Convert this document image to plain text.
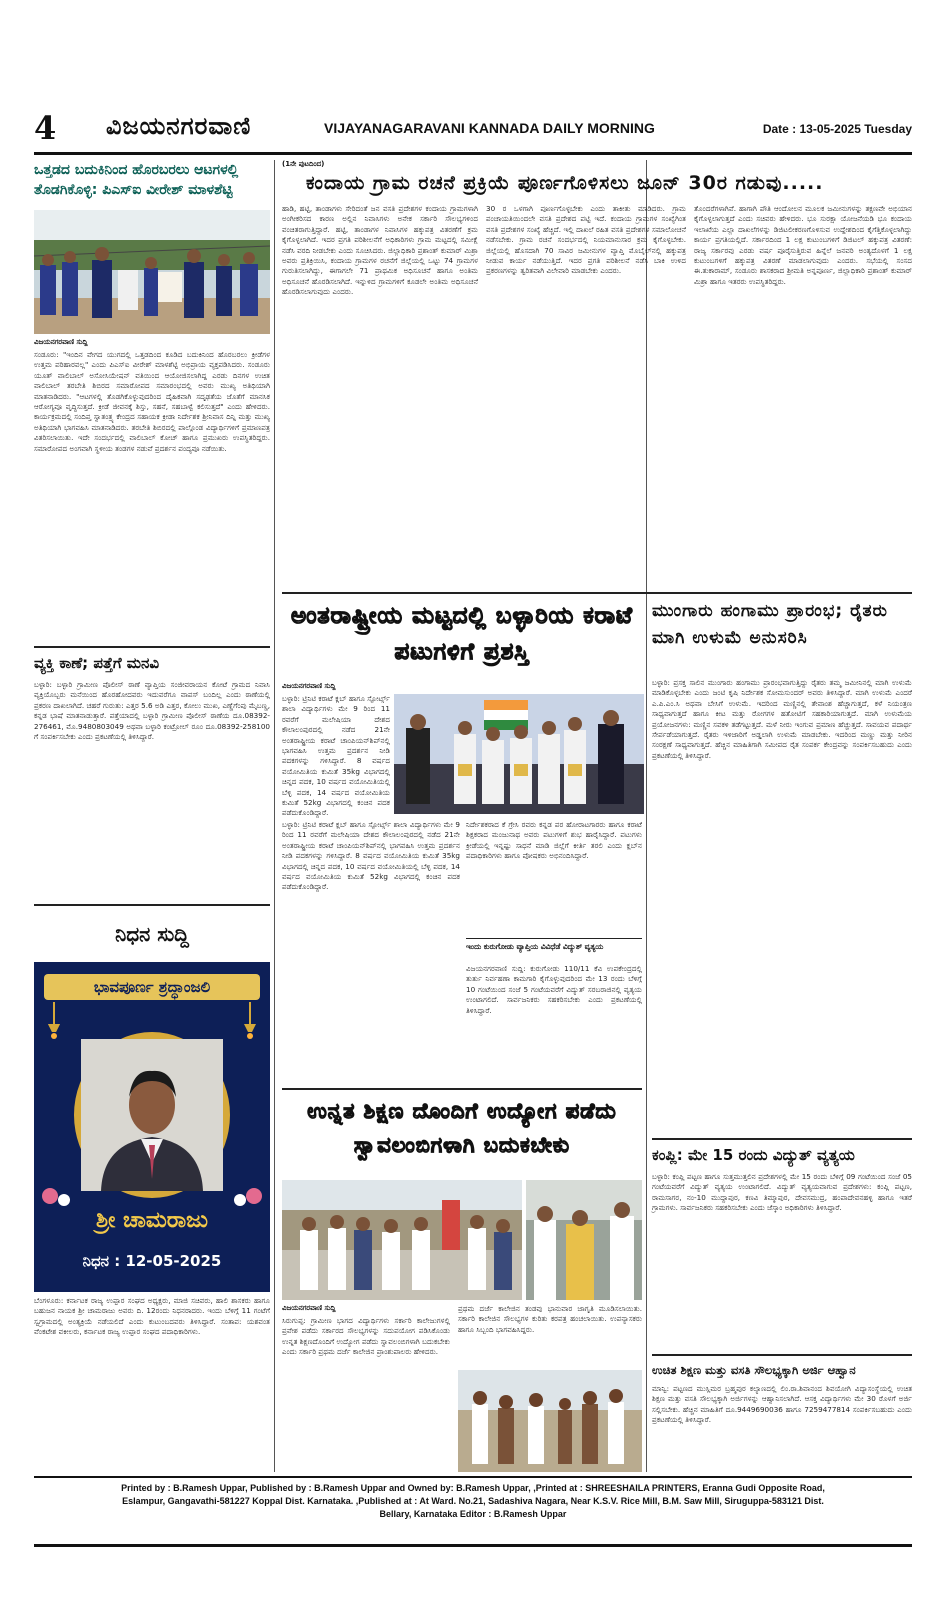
4	ವಿಜಯನಗರವಾಣಿ	VIJAYANAGARAVANI KANNADA DAILY MORNING	Date : 13-05-2025 Tuesday
ಒತ್ತಡದ ಬದುಕಿನಿಂದ ಹೊರಬರಲು ಆಟಗಳಲ್ಲಿ ತೊಡಗಿಕೊಳ್ಳಿ: ಪಿಎಸ್‌ಐ ವೀರೇಶ್ ಮಾಳಶೆಟ್ಟಿ
ವಿಜಯನಗರವಾಣಿ ಸುದ್ದಿ
ಸಂಡೂರು: "ಇಂದಿನ ವೇಗದ ಯುಗದಲ್ಲಿ ಒತ್ತಡದಿಂದ ಕೂಡಿದ ಬದುಕಿನಿಂದ ಹೊರಬರಲು ಕ್ರೀಡೆಗಳ ಉತ್ತಮ ಪರಿಹಾರವಲ್ಲ" ಎಂದು ಪಿಎಸ್‌ಐ ವೀರೇಶ್ ಮಾಳಶೆಟ್ಟಿ ಅಭಿಪ್ರಾಯ ವ್ಯಕ್ತಪಡಿಸಿದರು. ಸಂಡೂರು ಯೂತ್ ವಾಲಿಬಾಲ್ ಅಸೋಸಿಯೇಷನ್ ವತಿಯಿಂದ ಆಯೋಜಿಸಲಾಗಿದ್ದ ಎರಡು ದಿನಗಳ ಉಚಿತ ವಾಲಿಬಾಲ್ ತರಬೇತಿ ಶಿಬಿರದ ಸಮಾರೋಪದ ಸಮಾರಂಭದಲ್ಲಿ ಅವರು ಮುಖ್ಯ ಅತಿಥಿಯಾಗಿ ಮಾತನಾಡಿದರು. "ಆಟಗಳಲ್ಲಿ ತೊಡಗಿಕೊಳ್ಳುವುದರಿಂದ ದೈಹಿಕವಾಗಿ ಸದೃಢತೆಯ ಜೊತೆಗೆ ಮಾನಸಿಕ ಆರೋಗ್ಯವೂ ವೃದ್ಧಿಸುತ್ತದೆ. ಕ್ರೀಡೆ ಜೀವನಕ್ಕೆ ಶಿಸ್ತು, ಸಹನೆ, ಸಹಬಾಳ್ವೆ ಕಲಿಸುತ್ತದೆ" ಎಂದು ಹೇಳಿದರು. ಕಾರ್ಯಕ್ರಮದಲ್ಲಿ ಸಂದಿಪ್ತ ಸ್ವಾತಂತ್ರ್ಯ ಕೇಂದ್ರದ ಸಹಾಯಕ ಕ್ರೀಡಾ ನಿರ್ದೇಶಕ ಶ್ರೀನಿವಾಸ ದಿನ್ನಿ ಮತ್ತು ಮುಖ್ಯ ಅತಿಥಿಯಾಗಿ ಭಾಗವಹಿಸಿ ಮಾತನಾಡಿದರು. ತರಬೇತಿ ಶಿಬಿರದಲ್ಲಿ ಪಾಲ್ಗೊಂಡ ವಿದ್ಯಾರ್ಥಿಗಳಿಗೆ ಪ್ರಮಾಣಪತ್ರ ವಿತರಿಸಲಾಯಿತು. ಇದೇ ಸಂದರ್ಭದಲ್ಲಿ ವಾಲಿಬಾಲ್ ಕೋಚ್ ಹಾಗೂ ಪ್ರಮುಖರು ಉಪಸ್ಥಿತರಿದ್ದರು. ಸಮಾರೋಪದ ಅಂಗವಾಗಿ ಸ್ಥಳೀಯ ತಂಡಗಳ ನಡುವೆ ಪ್ರದರ್ಶನ ಪಂದ್ಯವೂ ನಡೆಯಿತು.
ವ್ಯಕ್ತಿ ಕಾಣೆ; ಪತ್ತೆಗೆ ಮನವಿ
ಬಳ್ಳಾರಿ: ಬಳ್ಳಾರಿ ಗ್ರಾಮೀಣ ಪೊಲೀಸ್ ಠಾಣೆ ವ್ಯಾಪ್ತಿಯ ಸಂಜೀವರಾಯನ ಕೋಟೆ ಗ್ರಾಮದ ನಿವಾಸಿ ವ್ಯಕ್ತಿಯೊಬ್ಬರು ಮನೆಯಿಂದ ಹೊರಹೋದವರು ಇದುವರೆಗೂ ವಾಪಸ್ ಬಂದಿಲ್ಲ ಎಂದು ಠಾಣೆಯಲ್ಲಿ ಪ್ರಕರಣ ದಾಖಲಾಗಿದೆ. ಚಹರೆ ಗುರುತು: ಎತ್ತರ 5.6 ಅಡಿ ಎತ್ತರ, ಕೋಲು ಮುಖ, ಎಣ್ಣೆಗೆಂಪು ಮೈಬಣ್ಣ, ಕನ್ನಡ ಭಾಷೆ ಮಾತನಾಡುತ್ತಾರೆ. ಪತ್ತೆಯಾದಲ್ಲಿ ಬಳ್ಳಾರಿ ಗ್ರಾಮೀಣ ಪೊಲೀಸ್ ಠಾಣೆಯ ದೂ.08392-276461, ಮೊ.9480803049 ಅಥವಾ ಬಳ್ಳಾರಿ ಕಂಟ್ರೋಲ್ ರೂಂ ದೂ.08392-258100 ಗೆ ಸಂಪರ್ಕಿಸಬೇಕು ಎಂದು ಪ್ರಕಟಣೆಯಲ್ಲಿ ತಿಳಿಸಿದ್ದಾರೆ.
ನಿಧನ ಸುದ್ದಿ
ಭಾವಪೂರ್ಣ ಶ್ರದ್ಧಾಂಜಲಿ
ಶ್ರೀ ಚಾಮರಾಜು
ನಿಧನ : 12-05-2025
ಬೆಂಗಳೂರು: ಕರ್ನಾಟಕ ರಾಜ್ಯ ಉಪ್ಪಾರ ಸಂಘದ ಅಧ್ಯಕ್ಷರು, ಮಾಜಿ ಸಚಿವರು, ಹಾಲಿ ಶಾಸಕರು ಹಾಗೂ ಬಹುಜನ ನಾಯಕ ಶ್ರೀ ಚಾಮರಾಜು ಅವರು ದಿ. 12ರಂದು ನಿಧನರಾದರು. ಇಂದು ಬೆಳಿಗ್ಗೆ 11 ಗಂಟೆಗೆ ಸ್ವಗ್ರಾಮದಲ್ಲಿ ಅಂತ್ಯಕ್ರಿಯೆ ನಡೆಯಲಿದೆ ಎಂದು ಕುಟುಂಬದವರು ತಿಳಿಸಿದ್ದಾರೆ. ಸಂತಾಪ: ಯಶವಂತ ವೆಂಕಟೇಶ ವಕೀಲರು, ಕರ್ನಾಟಕ ರಾಜ್ಯ ಉಪ್ಪಾರ ಸಂಘದ ಪದಾಧಿಕಾರಿಗಳು.
(1ನೇ ಪುಟದಿಂದ)
ಕಂದಾಯ ಗ್ರಾಮ ರಚನೆ ಪ್ರಕ್ರಿಯೆ ಪೂರ್ಣಗೊಳಿಸಲು ಜೂನ್ 30ರ ಗಡುವು.....
ಹಾಡಿ, ಹಟ್ಟಿ, ತಾಂಡಾಗಳು ಸೇರಿದಂತೆ ಜನ ವಸತಿ ಪ್ರದೇಶಗಳ ಕಂದಾಯ ಗ್ರಾಮಗಳಾಗಿ ಅಂಗೀಕರಿಸದ ಕಾರಣ ಅಲ್ಲಿನ ನಿವಾಸಿಗಳು ಅನೇಕ ಸರ್ಕಾರಿ ಸೌಲಭ್ಯಗಳಿಂದ ವಂಚಿತರಾಗುತ್ತಿದ್ದಾರೆ. ಹಟ್ಟಿ, ತಾಂಡಾಗಳ ನಿವಾಸಿಗಳ ಹಕ್ಕುಪತ್ರ ವಿತರಣೆಗೆ ಕ್ರಮ ಕೈಗೊಳ್ಳಲಾಗಿದೆ. ಇದರ ಪ್ರಗತಿ ಪರಿಶೀಲನೆಗೆ ಅಧಿಕಾರಿಗಳು ಗ್ರಾಮ ಮಟ್ಟದಲ್ಲಿ ಸಮೀಕ್ಷೆ ನಡೆಸಿ ವರದಿ ನೀಡಬೇಕು ಎಂದು ಸೂಚಿಸಿದರು. ಜಿಲ್ಲಾಧಿಕಾರಿ ಪ್ರಶಾಂತ್ ಕುಮಾರ್ ಮಿಶ್ರಾ ಅವರು ಪ್ರತಿಕ್ರಿಯಿಸಿ, ಕಂದಾಯ ಗ್ರಾಮಗಳ ರಚನೆಗೆ ಜಿಲ್ಲೆಯಲ್ಲಿ ಒಟ್ಟು 74 ಗ್ರಾಮಗಳ ಗುರುತಿಸಲಾಗಿದ್ದು, ಈಗಾಗಲೇ 71 ಪ್ರಾಥಮಿಕ ಅಧಿಸೂಚನೆ ಹಾಗೂ ಅಂತಿಮ ಅಧಿಸೂಚನೆ ಹೊರಡಿಸಲಾಗಿದೆ. ಇನ್ನುಳಿದ ಗ್ರಾಮಗಳಿಗೆ ಕೂಡಲೇ ಅಂತಿಮ ಅಧಿಸೂಚನೆ ಹೊರಡಿಸಲಾಗುವುದು ಎಂದರು.
30 ರ ಒಳಗಾಗಿ ಪೂರ್ಣಗೊಳ್ಳಬೇಕು ಎಂದು ತಾಕೀತು ಮಾಡಿದರು. ಗ್ರಾಮ ಪಂಚಾಯತಿಯಿಂದಲೇ ವಸತಿ ಪ್ರದೇಶದ ಪಟ್ಟಿ ಇದೆ. ಕಂದಾಯ ಗ್ರಾಮಗಳ ಸಂಖ್ಯೆಗಿಂತ ವಸತಿ ಪ್ರದೇಶಗಳ ಸಂಖ್ಯೆ ಹೆಚ್ಚಿದೆ. ಇಲ್ಲಿ ದಾಖಲೆ ರಹಿತ ವಸತಿ ಪ್ರದೇಶಗಳ ಸಮಾಲೋಚನೆ ನಡೆಸಬೇಕು. ಗ್ರಾಮ ರಚನೆ ಸಂದರ್ಭದಲ್ಲಿ ನಿಯಮಾನುಸಾರ ಕ್ರಮ ಕೈಗೊಳ್ಳಬೇಕು. ಜಿಲ್ಲೆಯಲ್ಲಿ ಹೊಸದಾಗಿ 70 ಸಾವಿರ ಜಮೀನುಗಳ ವ್ಯಾಪ್ತಿ ಮೊಬೈಲ್‌ನಲ್ಲಿ ಹಕ್ಕುಪತ್ರ ನೀಡುವ ಕಾರ್ಯ ನಡೆಯುತ್ತಿದೆ. ಇದರ ಪ್ರಗತಿ ಪರಿಶೀಲನೆ ನಡೆಸಿ ಬಾಕಿ ಉಳಿದ ಪ್ರಕರಣಗಳನ್ನು ತ್ವರಿತವಾಗಿ ವಿಲೇವಾರಿ ಮಾಡಬೇಕು ಎಂದರು.
ತೊಂದರೆಗಳಾಗಿವೆ. ಹಾಗಾಗಿ ಪೌತಿ ಆಂದೋಲನ ಮೂಲಕ ಜಮೀನುಗಳನ್ನು ತಕ್ಷಣವೇ ಅಭಿಯಾನ ಕೈಗೊಳ್ಳಲಾಗುತ್ತದೆ ಎಂದು ಸಚಿವರು ಹೇಳಿದರು. ಭೂ ಸುರಕ್ಷಾ ಯೋಜನೆಯಡಿ ಭೂ ಕಂದಾಯ ಇಲಾಖೆಯ ಎಲ್ಲಾ ದಾಖಲೆಗಳನ್ನು ಡಿಜಿಟಲೀಕರಣಗೊಳಿಸುವ ಉದ್ದೇಶದಿಂದ ಕೈಗೆತ್ತಿಕೊಳ್ಳಲಾಗಿದ್ದು ಕಾರ್ಯ ಪ್ರಗತಿಯಲ್ಲಿದೆ. ಸರ್ಕಾರದಿಂದ 1 ಲಕ್ಷ ಕುಟುಂಬಗಳಿಗೆ ಡಿಜಿಟಲ್ ಹಕ್ಕುಪತ್ರ ವಿತರಣೆ: ರಾಜ್ಯ ಸರ್ಕಾರವು ಎರಡು ವರ್ಷ ಪೂರೈಸುತ್ತಿರುವ ಹಿನ್ನೆಲೆ ಜನವರಿ ಅಂತ್ಯದೊಳಗೆ 1 ಲಕ್ಷ ಕುಟುಂಬಗಳಿಗೆ ಹಕ್ಕುಪತ್ರ ವಿತರಣೆ ಮಾಡಲಾಗುವುದು ಎಂದರು. ಸಭೆಯಲ್ಲಿ ಸಂಸದ ಈ.ತುಕಾರಾಮ್, ಸಂಡೂರು ಶಾಸಕರಾದ ಶ್ರೀಮತಿ ಅನ್ನಪೂರ್ಣ, ಜಿಲ್ಲಾಧಿಕಾರಿ ಪ್ರಶಾಂತ್ ಕುಮಾರ್ ಮಿಶ್ರಾ ಹಾಗೂ ಇತರರು ಉಪಸ್ಥಿತರಿದ್ದರು.
ಅಂತರಾಷ್ಟ್ರೀಯ ಮಟ್ಟದಲ್ಲಿ ಬಳ್ಳಾರಿಯ ಕರಾಟೆ ಪಟುಗಳಿಗೆ ಪ್ರಶಸ್ತಿ
ವಿಜಯನಗರವಾಣಿ ಸುದ್ದಿ
ಬಳ್ಳಾರಿ: ಟ್ರಿನಿಟಿ ಕರಾಟೆ ಕ್ಲಬ್ ಹಾಗೂ ಸ್ಪೋರ್ಟ್ಸ್ ಶಾಲಾ ವಿದ್ಯಾರ್ಥಿಗಳು ಮೇ 9 ರಿಂದ 11 ರವರೆಗೆ ಮಲೇಷಿಯಾ ದೇಶದ ಕೌಲಾಲಂಪುರದಲ್ಲಿ ನಡೆದ 21ನೇ ಅಂತರಾಷ್ಟ್ರೀಯ ಕರಾಟೆ ಚಾಂಪಿಯನ್‌ಶಿಪ್‌ನಲ್ಲಿ ಭಾಗವಹಿಸಿ ಉತ್ತಮ ಪ್ರದರ್ಶನ ನೀಡಿ ಪದಕಗಳನ್ನು ಗಳಿಸಿದ್ದಾರೆ. 8 ವರ್ಷದ ವಯೋಮಿತಿಯ ಕುಮಿತೆ 35kg ವಿಭಾಗದಲ್ಲಿ ಚಿನ್ನದ ಪದಕ, 10 ವರ್ಷದ ವಯೋಮಿತಿಯಲ್ಲಿ ಬೆಳ್ಳಿ ಪದಕ, 14 ವರ್ಷದ ವಯೋಮಿತಿಯ ಕುಮಿತೆ 52kg ವಿಭಾಗದಲ್ಲಿ ಕಂಚಿನ ಪದಕ ಪಡೆದುಕೊಂಡಿದ್ದಾರೆ.
ಬಳ್ಳಾರಿ: ಟ್ರಿನಿಟಿ ಕರಾಟೆ ಕ್ಲಬ್ ಹಾಗೂ ಸ್ಪೋರ್ಟ್ಸ್ ಶಾಲಾ ವಿದ್ಯಾರ್ಥಿಗಳು ಮೇ 9 ರಿಂದ 11 ರವರೆಗೆ ಮಲೇಷಿಯಾ ದೇಶದ ಕೌಲಾಲಂಪುರದಲ್ಲಿ ನಡೆದ 21ನೇ ಅಂತರಾಷ್ಟ್ರೀಯ ಕರಾಟೆ ಚಾಂಪಿಯನ್‌ಶಿಪ್‌ನಲ್ಲಿ ಭಾಗವಹಿಸಿ ಉತ್ತಮ ಪ್ರದರ್ಶನ ನೀಡಿ ಪದಕಗಳನ್ನು ಗಳಿಸಿದ್ದಾರೆ. 8 ವರ್ಷದ ವಯೋಮಿತಿಯ ಕುಮಿತೆ 35kg ವಿಭಾಗದಲ್ಲಿ ಚಿನ್ನದ ಪದಕ, 10 ವರ್ಷದ ವಯೋಮಿತಿಯಲ್ಲಿ ಬೆಳ್ಳಿ ಪದಕ, 14 ವರ್ಷದ ವಯೋಮಿತಿಯ ಕುಮಿತೆ 52kg ವಿಭಾಗದಲ್ಲಿ ಕಂಚಿನ ಪದಕ ಪಡೆದುಕೊಂಡಿದ್ದಾರೆ.
ನಿರ್ದೇಶಕರಾದ ಕೆ ಗ್ರೇಸಿ ರವರು ಕನ್ನಡ ಪರ ಹೋರಾಟಗಾರರು ಹಾಗೂ ಕರಾಟೆ ಶಿಕ್ಷಕರಾದ ಮಂಜುನಾಥ ಅವರು ಪಟುಗಳಿಗೆ ಶುಭ ಹಾರೈಸಿದ್ದಾರೆ. ಪಟುಗಳು ಕ್ರೀಡೆಯಲ್ಲಿ ಇನ್ನಷ್ಟು ಸಾಧನೆ ಮಾಡಿ ಜಿಲ್ಲೆಗೆ ಕೀರ್ತಿ ತರಲಿ ಎಂದು ಕ್ಲಬ್‌ನ ಪದಾಧಿಕಾರಿಗಳು ಹಾಗೂ ಪೋಷಕರು ಅಭಿನಂದಿಸಿದ್ದಾರೆ.
ಇಂದು ಕುರುಗೋಡು ವ್ಯಾಪ್ತಿಯ ವಿವಿಧೆಡೆ ವಿದ್ಯುತ್ ವ್ಯತ್ಯಯ
ವಿಜಯನಗರವಾಣಿ ಸುದ್ದಿ: ಕುರುಗೋಡು 110/11 ಕೆವಿ ಉಪಕೇಂದ್ರದಲ್ಲಿ ತುರ್ತು ನಿರ್ವಹಣಾ ಕಾಮಗಾರಿ ಕೈಗೊಳ್ಳುವುದರಿಂದ ಮೇ 13 ರಂದು ಬೆಳಿಗ್ಗೆ 10 ಗಂಟೆಯಿಂದ ಸಂಜೆ 5 ಗಂಟೆಯವರೆಗೆ ವಿದ್ಯುತ್ ಸರಬರಾಜಿನಲ್ಲಿ ವ್ಯತ್ಯಯ ಉಂಟಾಗಲಿದೆ. ಸಾರ್ವಜನಿಕರು ಸಹಕರಿಸಬೇಕು ಎಂದು ಪ್ರಕಟಣೆಯಲ್ಲಿ ತಿಳಿಸಿದ್ದಾರೆ.
ಉನ್ನತ ಶಿಕ್ಷಣ ದೊಂದಿಗೆ ಉದ್ಯೋಗ ಪಡೆದು ಸ್ವಾವಲಂಬಿಗಳಾಗಿ ಬದುಕಬೇಕು
ವಿಜಯನಗರವಾಣಿ ಸುದ್ದಿ
ಸಿರುಗುಪ್ಪ: ಗ್ರಾಮೀಣ ಭಾಗದ ವಿದ್ಯಾರ್ಥಿಗಳು ಸರ್ಕಾರಿ ಕಾಲೇಜುಗಳಲ್ಲಿ ಪ್ರವೇಶ ಪಡೆದು ಸರ್ಕಾರದ ಸೌಲಭ್ಯಗಳನ್ನು ಸದುಪಯೋಗ ಪಡಿಸಿಕೊಂಡು ಉನ್ನತ ಶಿಕ್ಷಣದೊಂದಿಗೆ ಉದ್ಯೋಗ ಪಡೆದು ಸ್ವಾವಲಂಬಿಗಳಾಗಿ ಬದುಕಬೇಕು ಎಂದು ಸರ್ಕಾರಿ ಪ್ರಥಮ ದರ್ಜೆ ಕಾಲೇಜಿನ ಪ್ರಾಂಶುಪಾಲರು ಹೇಳಿದರು.
ಪ್ರಥಮ ದರ್ಜೆ ಕಾಲೇಜಿನ ತಂಡವು ಭಾನುವಾರ ಜಾಗೃತಿ ಮೂಡಿಸಲಾಯಿತು. ಸರ್ಕಾರಿ ಕಾಲೇಜಿನ ಸೌಲಭ್ಯಗಳ ಕುರಿತು ಕರಪತ್ರ ಹಂಚಲಾಯಿತು. ಉಪನ್ಯಾಸಕರು ಹಾಗೂ ಸಿಬ್ಬಂದಿ ಭಾಗವಹಿಸಿದ್ದರು.
ಮುಂಗಾರು ಹಂಗಾಮು ಪ್ರಾರಂಭ; ರೈತರು ಮಾಗಿ ಉಳುಮೆ ಅನುಸರಿಸಿ
ಬಳ್ಳಾರಿ: ಪ್ರಸಕ್ತ ಸಾಲಿನ ಮುಂಗಾರು ಹಂಗಾಮು ಪ್ರಾರಂಭವಾಗುತ್ತಿದ್ದು ರೈತರು ತಮ್ಮ ಜಮೀನಿನಲ್ಲಿ ಮಾಗಿ ಉಳುಮೆ ಮಾಡಿಕೊಳ್ಳಬೇಕು ಎಂದು ಜಂಟಿ ಕೃಷಿ ನಿರ್ದೇಶಕ ಸೋಮಸುಂದರ್ ಅವರು ತಿಳಿಸಿದ್ದಾರೆ. ಮಾಗಿ ಉಳುಮೆ ಎಂದರೆ ಎ.ಪಿ.ಎಂ.ಸಿ ಅಥವಾ ಬೇಸಿಗೆ ಉಳುಮೆ. ಇದರಿಂದ ಮಣ್ಣಿನಲ್ಲಿ ತೇವಾಂಶ ಹೆಚ್ಚಾಗುತ್ತದೆ, ಕಳೆ ನಿಯಂತ್ರಣ ಸಾಧ್ಯವಾಗುತ್ತದೆ ಹಾಗೂ ಕೀಟ ಮತ್ತು ರೋಗಗಳ ಹತೋಟಿಗೆ ಸಹಕಾರಿಯಾಗುತ್ತದೆ. ಮಾಗಿ ಉಳುಮೆಯ ಪ್ರಯೋಜನಗಳು: ಮಣ್ಣಿನ ಸವಕಳಿ ತಡೆಗಟ್ಟುತ್ತದೆ. ಮಳೆ ನೀರು ಇಂಗುವ ಪ್ರಮಾಣ ಹೆಚ್ಚುತ್ತದೆ. ಸಾವಯವ ಪದಾರ್ಥ ಸೇರ್ಪಡೆಯಾಗುತ್ತದೆ. ರೈತರು ಇಳಿಜಾರಿಗೆ ಅಡ್ಡಲಾಗಿ ಉಳುಮೆ ಮಾಡಬೇಕು. ಇದರಿಂದ ಮಣ್ಣು ಮತ್ತು ನೀರಿನ ಸಂರಕ್ಷಣೆ ಸಾಧ್ಯವಾಗುತ್ತದೆ. ಹೆಚ್ಚಿನ ಮಾಹಿತಿಗಾಗಿ ಸಮೀಪದ ರೈತ ಸಂಪರ್ಕ ಕೇಂದ್ರವನ್ನು ಸಂಪರ್ಕಿಸಬಹುದು ಎಂದು ಪ್ರಕಟಣೆಯಲ್ಲಿ ತಿಳಿಸಿದ್ದಾರೆ.
ಕಂಪ್ಲಿ: ಮೇ 15 ರಂದು ವಿದ್ಯುತ್ ವ್ಯತ್ಯಯ
ಬಳ್ಳಾರಿ: ಕಂಪ್ಲಿ ಪಟ್ಟಣ ಹಾಗೂ ಸುತ್ತಮುತ್ತಲಿನ ಪ್ರದೇಶಗಳಲ್ಲಿ ಮೇ 15 ರಂದು ಬೆಳಿಗ್ಗೆ 09 ಗಂಟೆಯಿಂದ ಸಂಜೆ 05 ಗಂಟೆಯವರೆಗೆ ವಿದ್ಯುತ್ ವ್ಯತ್ಯಯ ಉಂಟಾಗಲಿದೆ. ವಿದ್ಯುತ್ ವ್ಯತ್ಯಯವಾಗುವ ಪ್ರದೇಶಗಳು: ಕಂಪ್ಲಿ ಪಟ್ಟಣ, ರಾಮಸಾಗರ, ನಂ-10 ಮುದ್ದಾಪುರ, ಕಣವಿ ತಿಮ್ಮಾಪುರ, ದೇವಸಮುದ್ರ, ಹಂಪಾದೇವನಹಳ್ಳಿ ಹಾಗೂ ಇತರೆ ಗ್ರಾಮಗಳು. ಸಾರ್ವಜನಿಕರು ಸಹಕರಿಸಬೇಕು ಎಂದು ಜೆಸ್ಕಾಂ ಅಧಿಕಾರಿಗಳು ತಿಳಿಸಿದ್ದಾರೆ.
ಉಚಿತ ಶಿಕ್ಷಣ ಮತ್ತು ವಸತಿ ಸೌಲಭ್ಯಕ್ಕಾಗಿ ಅರ್ಜಿ ಆಹ್ವಾನ
ಮಾನ್ವಿ: ಪಟ್ಟಣದ ಮುಸ್ಲಿಮರ ಬ್ರಹ್ಮಪುರ ಕಲ್ಯಾಣದಲ್ಲಿ ಲಿಂ.ರಾ.ಶಿವಾನಂದ ಶಿವಯೋಗಿ ವಿದ್ಯಾಸಂಸ್ಥೆಯಲ್ಲಿ ಉಚಿತ ಶಿಕ್ಷಣ ಮತ್ತು ವಸತಿ ಸೌಲಭ್ಯಕ್ಕಾಗಿ ಅರ್ಜಿಗಳನ್ನು ಆಹ್ವಾನಿಸಲಾಗಿದೆ. ಆಸಕ್ತ ವಿದ್ಯಾರ್ಥಿಗಳು ಮೇ 30 ರೊಳಗೆ ಅರ್ಜಿ ಸಲ್ಲಿಸಬೇಕು. ಹೆಚ್ಚಿನ ಮಾಹಿತಿಗೆ ದೂ.9449690036 ಹಾಗೂ 7259477814 ಸಂಪರ್ಕಿಸಬಹುದು ಎಂದು ಪ್ರಕಟಣೆಯಲ್ಲಿ ತಿಳಿಸಿದ್ದಾರೆ.
Printed by : B.Ramesh Uppar, Published by : B.Ramesh Uppar and Owned by: B.Ramesh Uppar, ,Printed at : SHREESHAILA PRINTERS, Eranna Gudi Opposite Road,
Eslampur, Gangavathi-581227 Koppal Dist. Karnataka. ,Published at : At Ward. No.21, Sadashiva Nagara, Near K.S.V. Rice Mill, B.M. Saw Mill, Siruguppa-583121 Dist.
Bellary, Karnataka Editor : B.Ramesh Uppar
